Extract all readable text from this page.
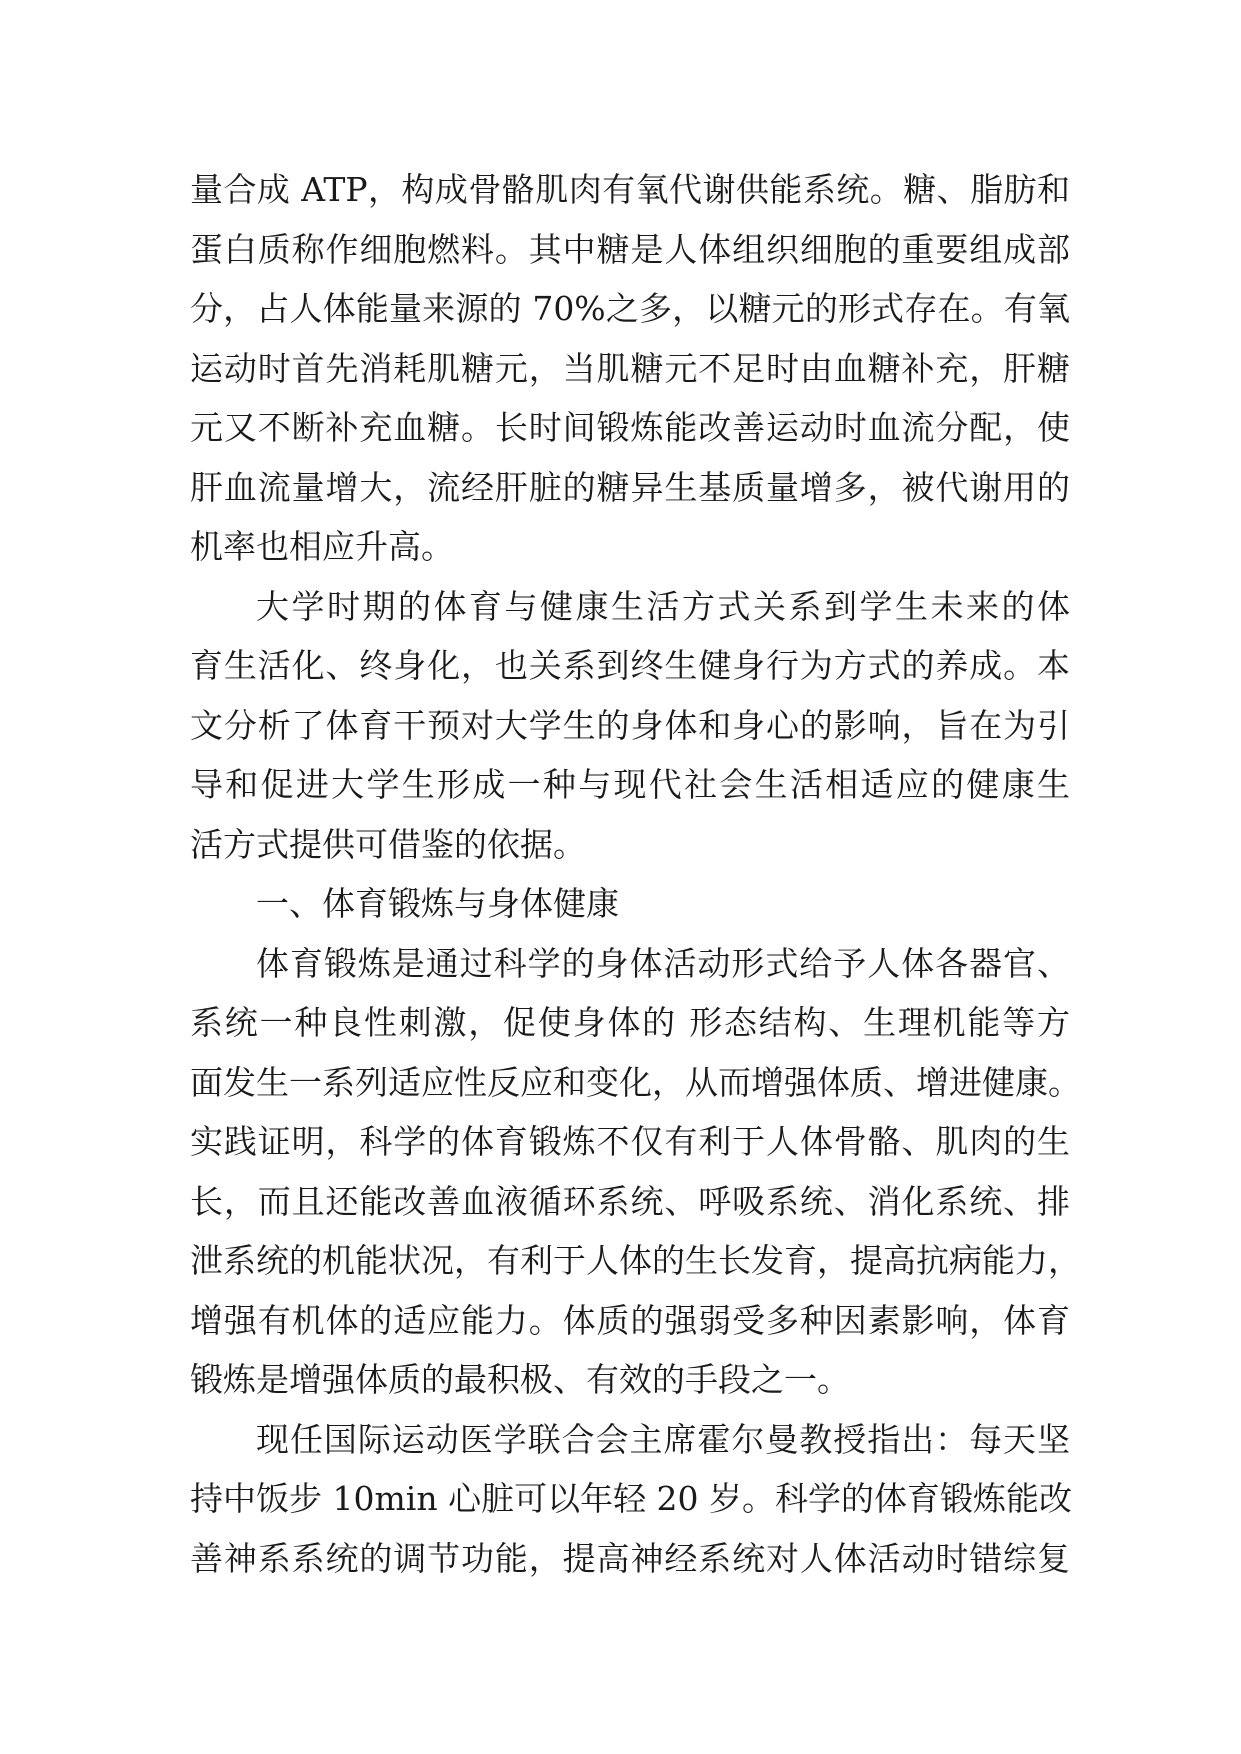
量合成 ATP，构成骨骼肌肉有氧代谢供能系统。糖、脂肪和
蛋白质称作细胞燃料。其中糖是人体组织细胞的重要组成部
分，占人体能量来源的 70%之多，以糖元的形式存在。有氧
运动时首先消耗肌糖元，当肌糖元不足时由血糖补充，肝糖
元又不断补充血糖。长时间锻炼能改善运动时血流分配，使
肝血流量增大，流经肝脏的糖异生基质量增多，被代谢用的
机率也相应升高。
大学时期的体育与健康生活方式关系到学生未来的体
育生活化、终身化，也关系到终生健身行为方式的养成。本
文分析了体育干预对大学生的身体和身心的影响，旨在为引
导和促进大学生形成一种与现代社会生活相适应的健康生
活方式提供可借鉴的依据。
一、体育锻炼与身体健康
体育锻炼是通过科学的身体活动形式给予人体各器官、
系统一种良性刺激，促使身体的 形态结构、生理机能等方
面发生一系列适应性反应和变化，从而增强体质、增进健康。
实践证明，科学的体育锻炼不仅有利于人体骨骼、肌肉的生
长，而且还能改善血液循环系统、呼吸系统、消化系统、排
泄系统的机能状况，有利于人体的生长发育，提高抗病能力，
增强有机体的适应能力。体质的强弱受多种因素影响，体育
锻炼是增强体质的最积极、有效的手段之一。
现任国际运动医学联合会主席霍尔曼教授指出：每天坚
持中饭步 10min 心脏可以年轻 20 岁。科学的体育锻炼能改
善神系系统的调节功能，提高神经系统对人体活动时错综复
